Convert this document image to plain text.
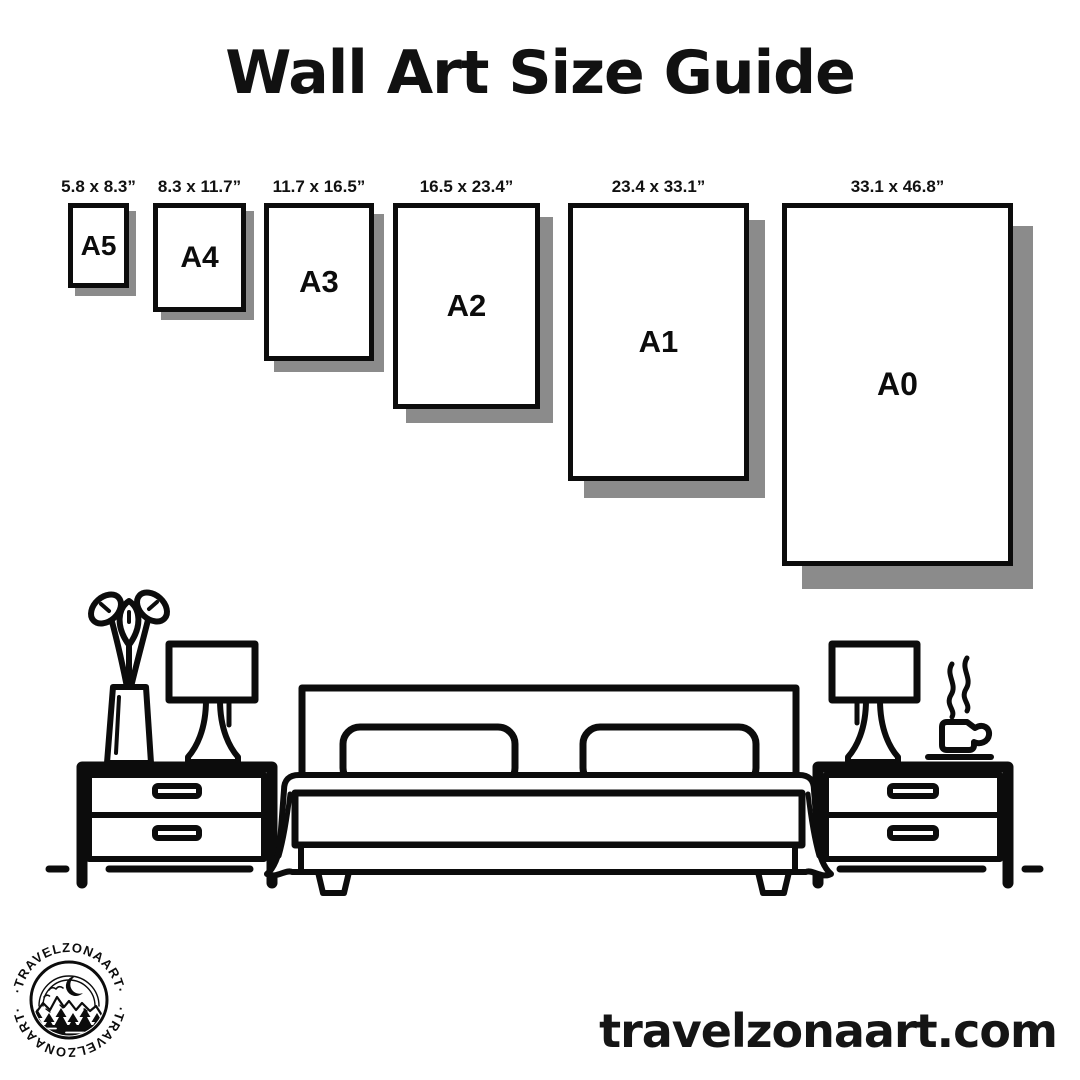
Wall Art Size Guide
5.8 x 8.3”	8.3 x 11.7”	11.7 x 16.5”	16.5 x 23.4”	23.4 x 33.1”	33.1 x 46.8”
A5 A4
A3
A2
A1
A0
·TRAVELZONAART·
·TRAVELZONAART·	travelzonaart.com
